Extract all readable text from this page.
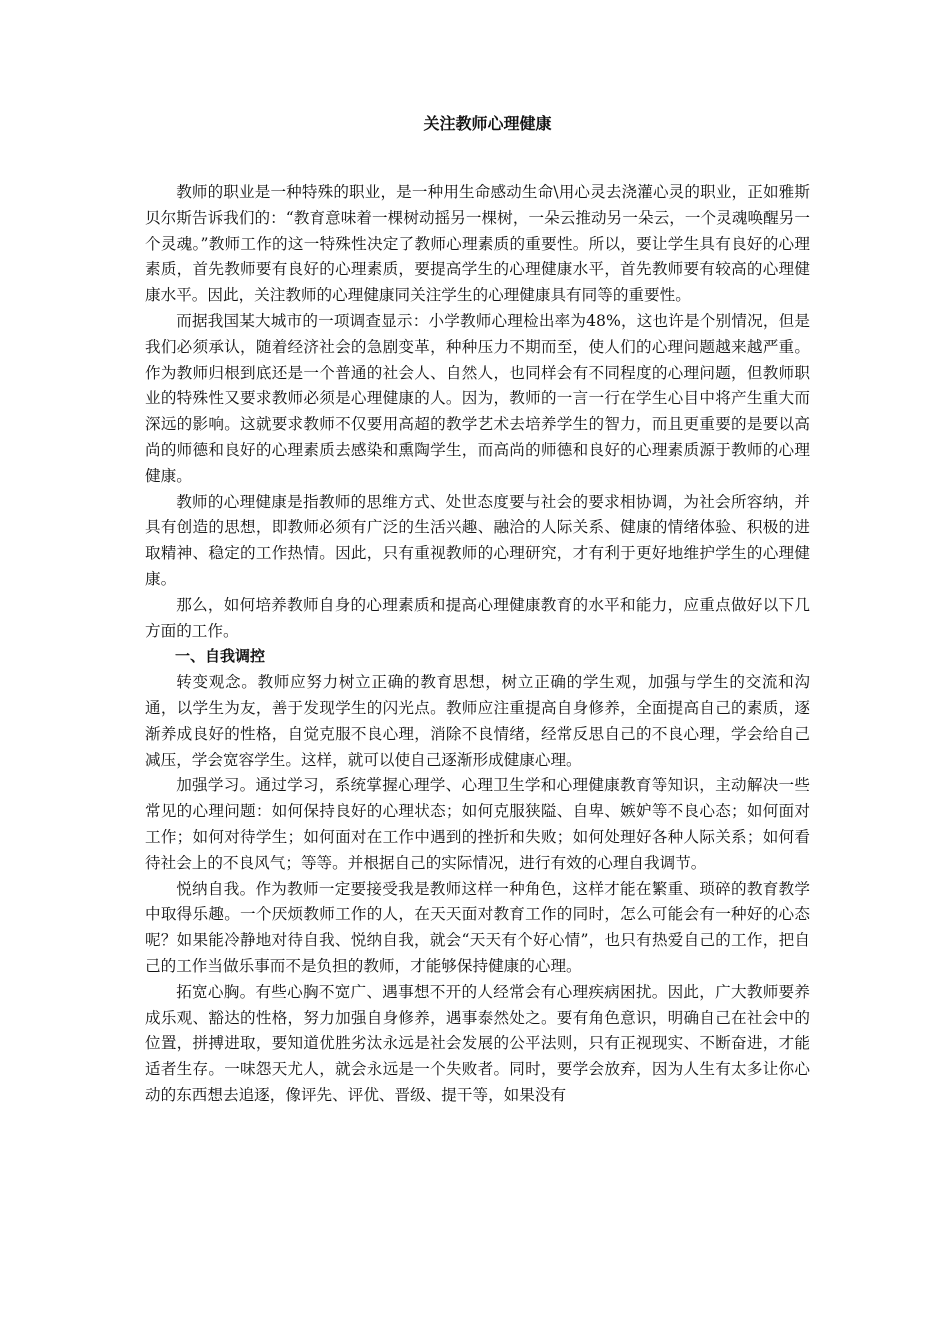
关注教师心理健康

教师的职业是一种特殊的职业，是一种用生命感动生命\用心灵去浇灌心灵的职业，正如雅斯贝尔斯告诉我们的：“教育意味着一棵树动摇另一棵树，一朵云推动另一朵云，一个灵魂唤醒另一个灵魂。”教师工作的这一特殊性决定了教师心理素质的重要性。所以，要让学生具有良好的心理素质，首先教师要有良好的心理素质，要提高学生的心理健康水平，首先教师要有较高的心理健康水平。因此，关注教师的心理健康同关注学生的心理健康具有同等的重要性。

而据我国某大城市的一项调查显示：小学教师心理检出率为48%，这也许是个别情况，但是我们必须承认，随着经济社会的急剧变革，种种压力不期而至，使人们的心理问题越来越严重。作为教师归根到底还是一个普通的社会人、自然人，也同样会有不同程度的心理问题，但教师职业的特殊性又要求教师必须是心理健康的人。因为，教师的一言一行在学生心目中将产生重大而深远的影响。这就要求教师不仅要用高超的教学艺术去培养学生的智力，而且更重要的是要以高尚的师德和良好的心理素质去感染和熏陶学生，而高尚的师德和良好的心理素质源于教师的心理健康。

教师的心理健康是指教师的思维方式、处世态度要与社会的要求相协调，为社会所容纳，并具有创造的思想，即教师必须有广泛的生活兴趣、融洽的人际关系、健康的情绪体验、积极的进取精神、稳定的工作热情。因此，只有重视教师的心理研究，才有利于更好地维护学生的心理健康。

那么，如何培养教师自身的心理素质和提高心理健康教育的水平和能力，应重点做好以下几方面的工作。

一、自我调控

转变观念。教师应努力树立正确的教育思想，树立正确的学生观，加强与学生的交流和沟通，以学生为友，善于发现学生的闪光点。教师应注重提高自身修养，全面提高自己的素质，逐渐养成良好的性格，自觉克服不良心理，消除不良情绪，经常反思自己的不良心理，学会给自己减压，学会宽容学生。这样，就可以使自己逐渐形成健康心理。

加强学习。通过学习，系统掌握心理学、心理卫生学和心理健康教育等知识，主动解决一些常见的心理问题：如何保持良好的心理状态；如何克服狭隘、自卑、嫉妒等不良心态；如何面对工作；如何对待学生；如何面对在工作中遇到的挫折和失败；如何处理好各种人际关系；如何看待社会上的不良风气；等等。并根据自己的实际情况，进行有效的心理自我调节。

悦纳自我。作为教师一定要接受我是教师这样一种角色，这样才能在繁重、琐碎的教育教学中取得乐趣。一个厌烦教师工作的人，在天天面对教育工作的同时，怎么可能会有一种好的心态呢？如果能冷静地对待自我、悦纳自我，就会“天天有个好心情”，也只有热爱自己的工作，把自己的工作当做乐事而不是负担的教师，才能够保持健康的心理。

拓宽心胸。有些心胸不宽广、遇事想不开的人经常会有心理疾病困扰。因此，广大教师要养成乐观、豁达的性格，努力加强自身修养，遇事泰然处之。要有角色意识，明确自己在社会中的位置，拼搏进取，要知道优胜劣汰永远是社会发展的公平法则，只有正视现实、不断奋进，才能适者生存。一味怨天尤人，就会永远是一个失败者。同时，要学会放弃，因为人生有太多让你心动的东西想去追逐，像评先、评优、晋级、提干等，如果没有
